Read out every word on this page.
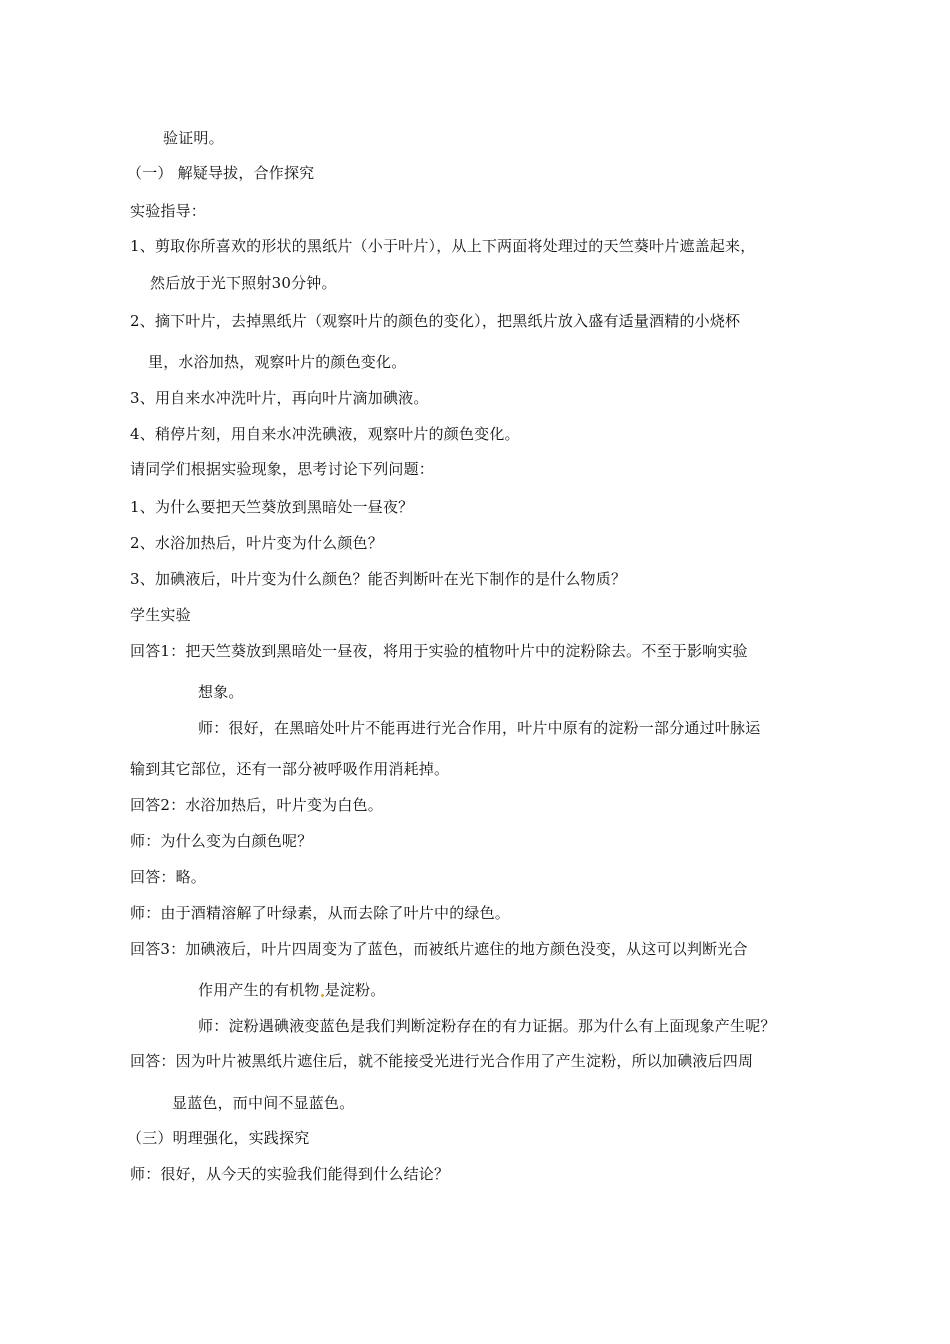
验证明。
（一） 解疑导拔，合作探究
实验指导：
1、剪取你所喜欢的形状的黑纸片（小于叶片），从上下两面将处理过的天竺葵叶片遮盖起来，
然后放于光下照射30分钟。
2、摘下叶片，去掉黑纸片（观察叶片的颜色的变化），把黑纸片放入盛有适量酒精的小烧杯
里，水浴加热，观察叶片的颜色变化。
3、用自来水冲洗叶片，再向叶片滴加碘液。
4、稍停片刻，用自来水冲洗碘液，观察叶片的颜色变化。
请同学们根据实验现象，思考讨论下列问题：
1、为什么要把天竺葵放到黑暗处一昼夜？
2、水浴加热后，叶片变为什么颜色？
3、加碘液后，叶片变为什么颜色？能否判断叶在光下制作的是什么物质？
学生实验
回答1：把天竺葵放到黑暗处一昼夜，将用于实验的植物叶片中的淀粉除去。不至于影响实验
想象。
师：很好，在黑暗处叶片不能再进行光合作用，叶片中原有的淀粉一部分通过叶脉运
输到其它部位，还有一部分被呼吸作用消耗掉。
回答2：水浴加热后，叶片变为白色。
师：为什么变为白颜色呢？
回答：略。
师：由于酒精溶解了叶绿素，从而去除了叶片中的绿色。
回答3：加碘液后，叶片四周变为了蓝色，而被纸片遮住的地方颜色没变，从这可以判断光合
作用产生的有机物 是淀粉。
师：淀粉遇碘液变蓝色是我们判断淀粉存在的有力证据。那为什么有上面现象产生呢？
回答：因为叶片被黑纸片遮住后，就不能接受光进行光合作用了产生淀粉，所以加碘液后四周
显蓝色，而中间不显蓝色。
（三）明理强化，实践探究
师：很好，从今天的实验我们能得到什么结论？
